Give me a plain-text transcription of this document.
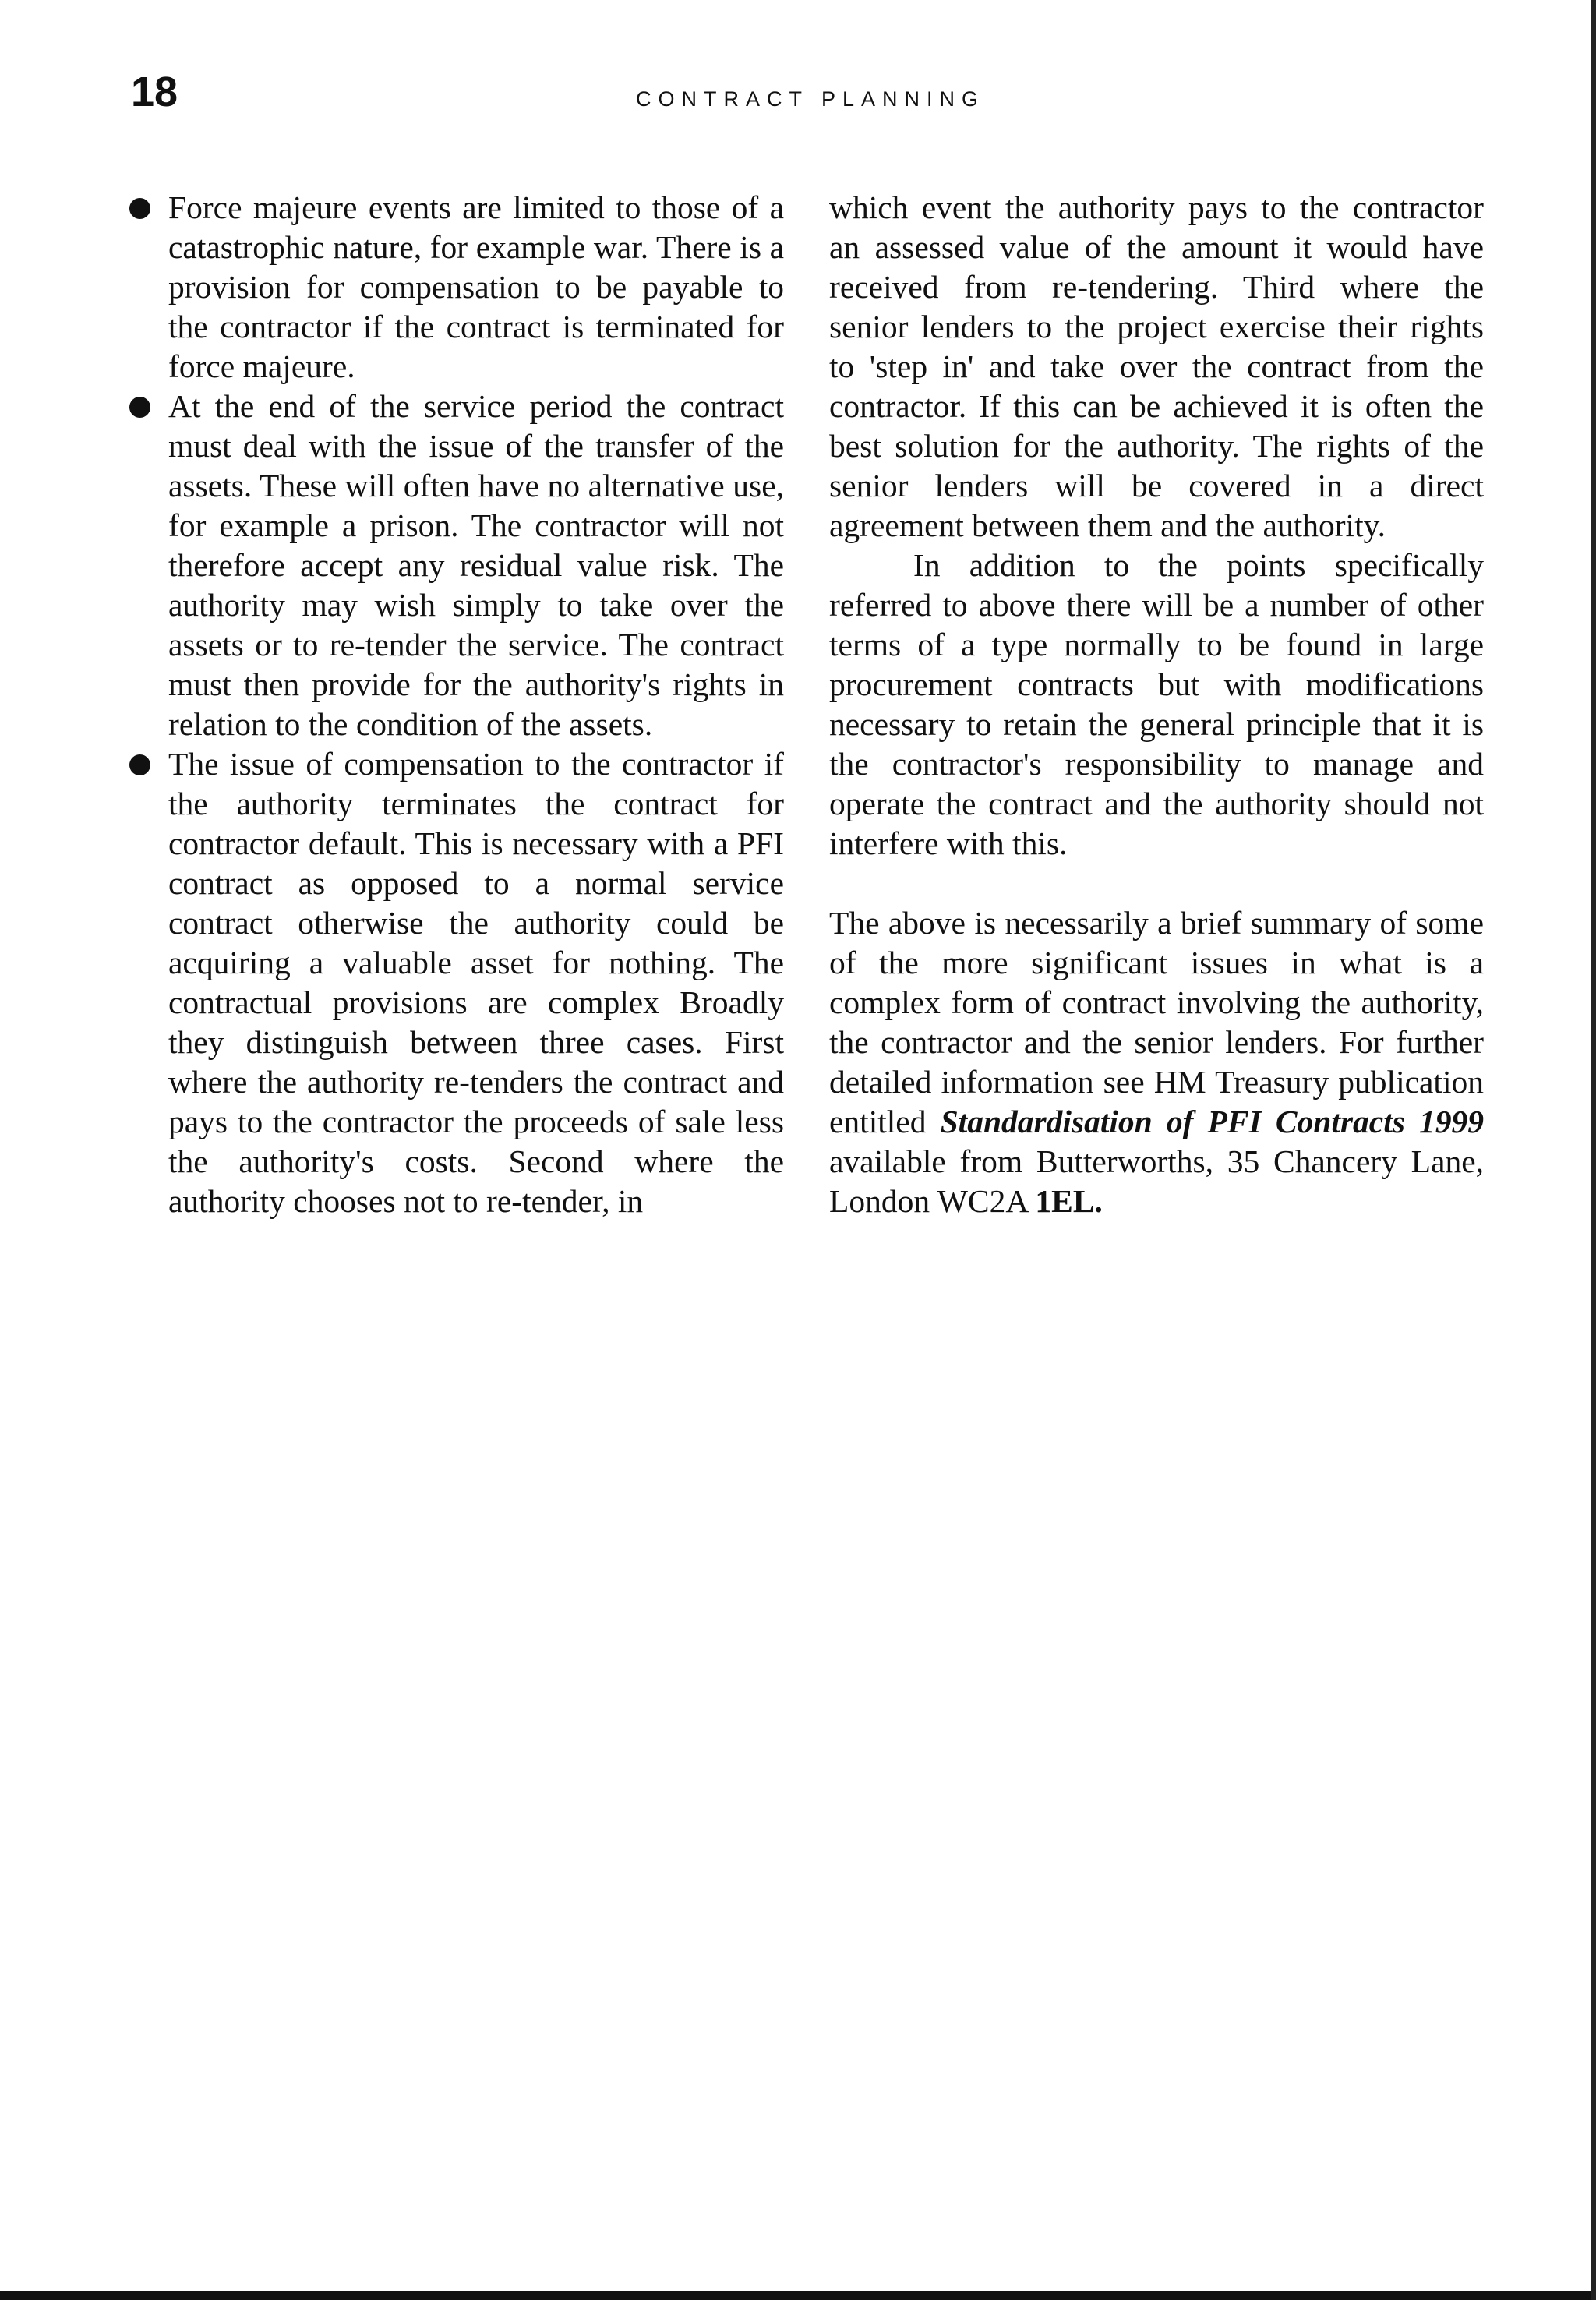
18	CONTRACT PLANNING
Force majeure events are limited to those of a catastrophic nature, for example war. There is a provision for compensation to be payable to the contractor if the contract is terminated for force majeure.
At the end of the service period the contract must deal with the issue of the transfer of the assets. These will often have no alternative use, for example a prison. The contractor will not therefore accept any residual value risk. The authority may wish simply to take over the assets or to re-tender the service. The contract must then provide for the authority's rights in relation to the condition of the assets.
The issue of compensation to the contractor if the authority terminates the contract for contractor default. This is necessary with a PFI contract as opposed to a normal service contract otherwise the authority could be acquiring a valuable asset for nothing. The contractual provisions are complex Broadly they distinguish between three cases. First where the authority re-tenders the contract and pays to the contractor the proceeds of sale less the authority's costs. Second where the authority chooses not to re-tender, in

which event the authority pays to the contractor an assessed value of the amount it would have received from re-tendering. Third where the senior lenders to the project exercise their rights to 'step in' and take over the contract from the contractor. If this can be achieved it is often the best solution for the authority. The rights of the senior lenders will be covered in a direct agreement between them and the authority.

In addition to the points specifically referred to above there will be a number of other terms of a type normally to be found in large procurement contracts but with modifications necessary to retain the general principle that it is the contractor's responsibility to manage and operate the contract and the authority should not interfere with this.

The above is necessarily a brief summary of some of the more significant issues in what is a complex form of contract involving the authority, the contractor and the senior lenders. For further detailed information see HM Treasury publication entitled Standardisation of PFI Contracts 1999 available from Butterworths, 35 Chancery Lane, London WC2A 1EL.
